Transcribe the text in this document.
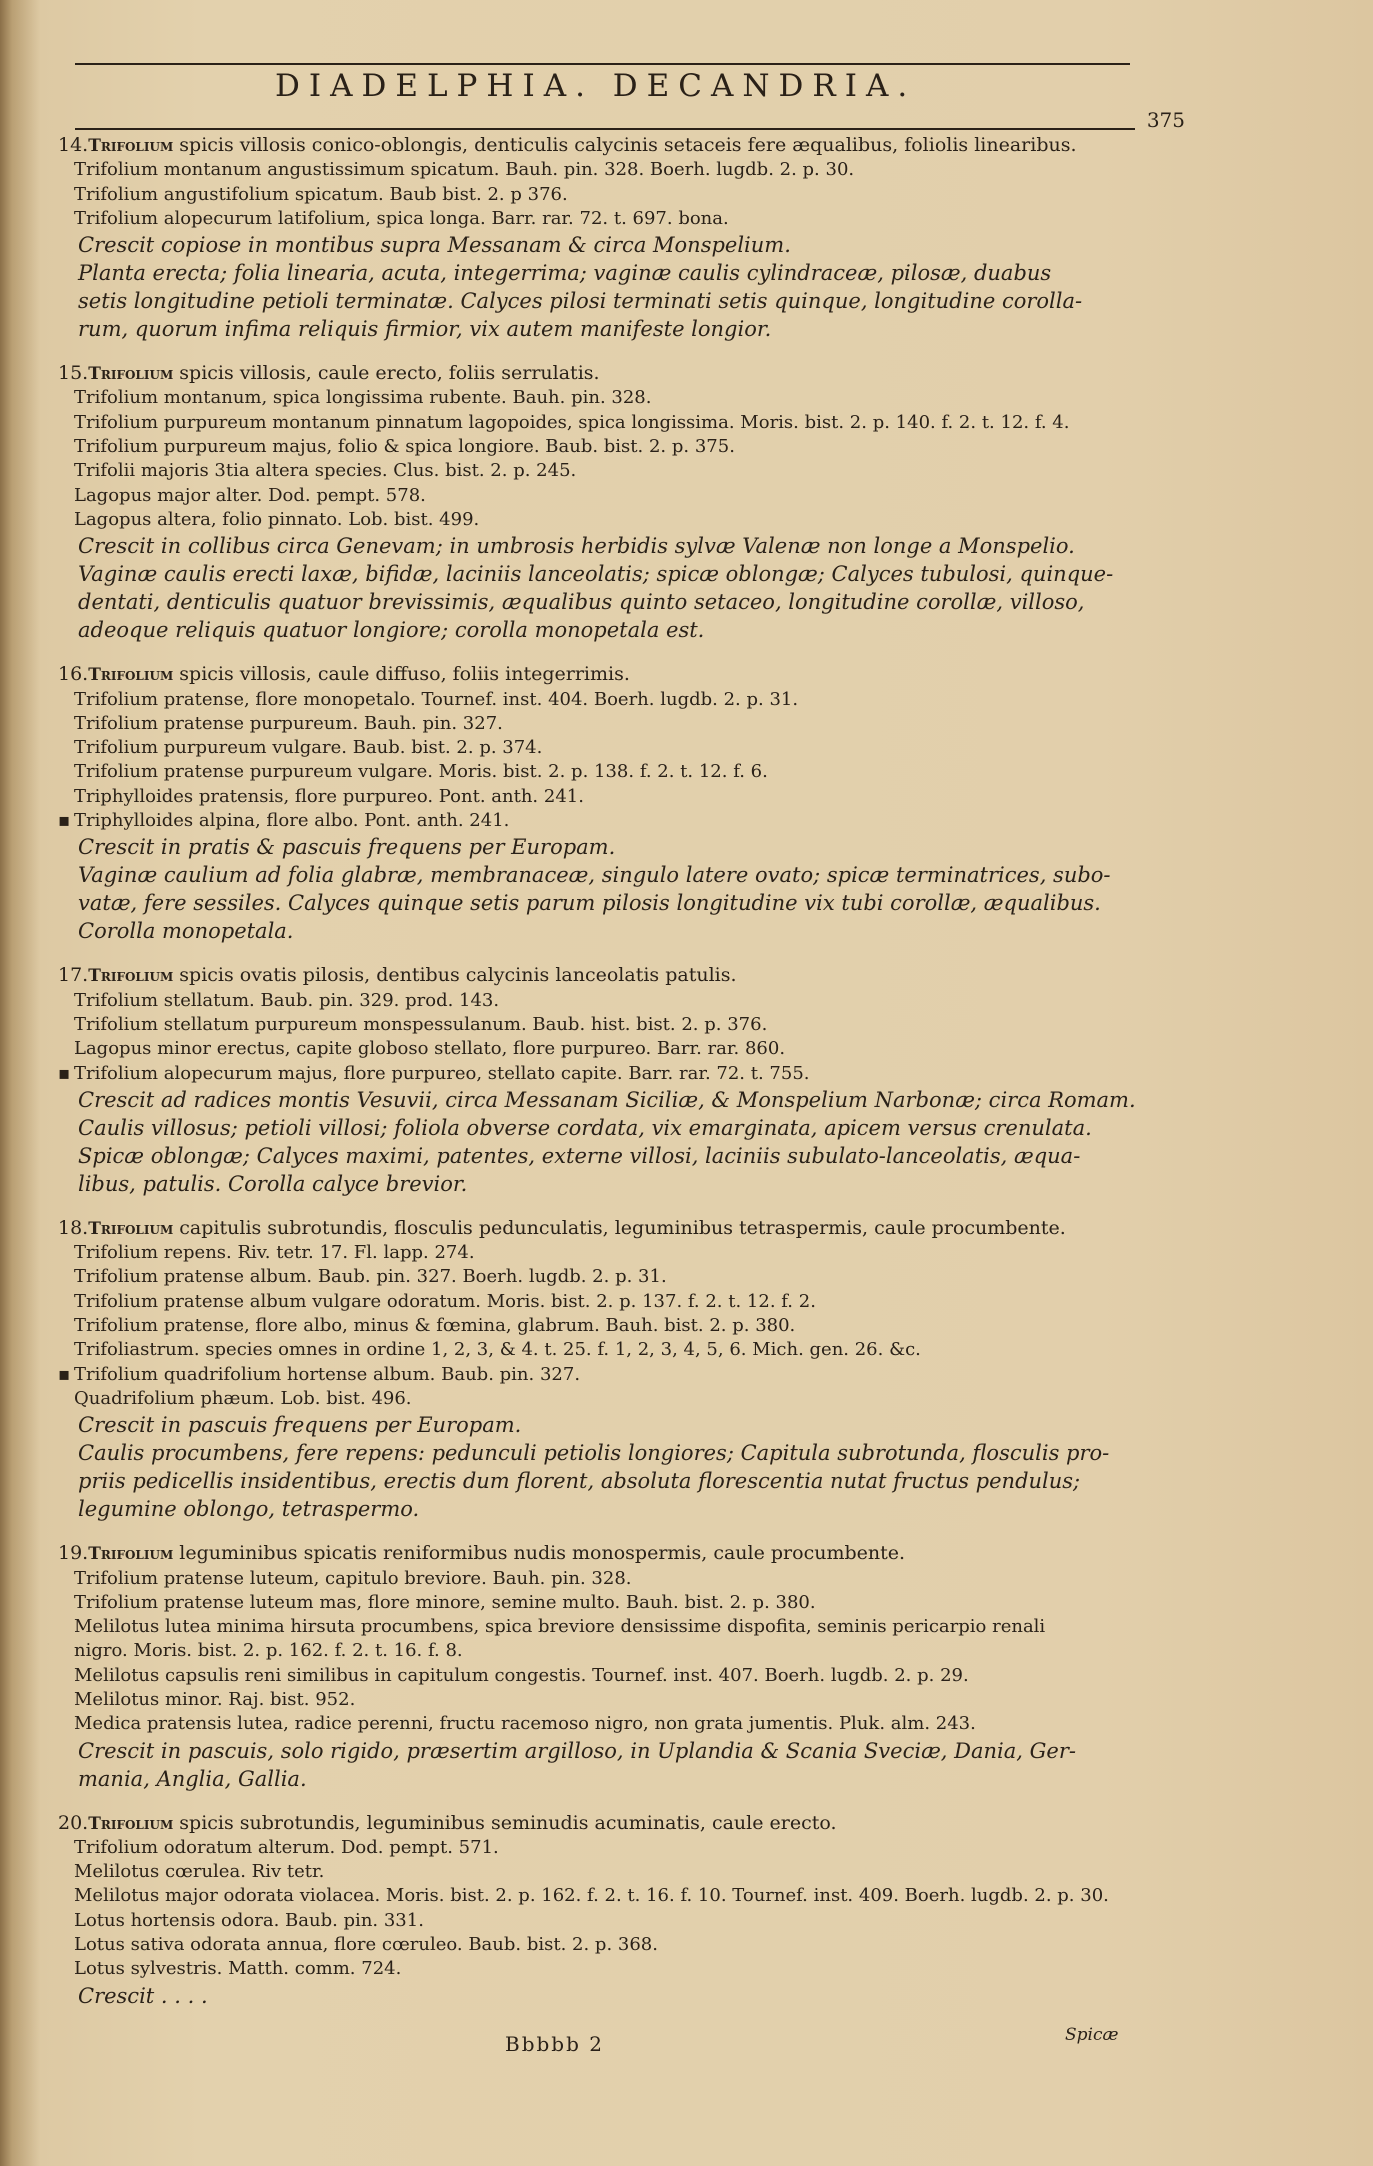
DIADELPHIA. DECANDRIA.
375
14.Trifolium spicis villosis conico-oblongis, denticulis calycinis setaceis fere æqualibus, foliolis linearibus.
Trifolium montanum angustissimum spicatum. Bauh. pin. 328. Boerh. lugdb. 2. p. 30.
Trifolium angustifolium spicatum. Baub bist. 2. p 376.
Trifolium alopecurum latifolium, spica longa. Barr. rar. 72. t. 697. bona.
Crescit copiose in montibus supra Messanam & circa Monspelium.
Planta erecta; folia linearia, acuta, integerrima; vaginæ caulis cylindraceæ, pilosæ, duabus
setis longitudine petioli terminatæ. Calyces pilosi terminati setis quinque, longitudine corolla-
rum, quorum infima reliquis firmior, vix autem manifeste longior.
15.Trifolium spicis villosis, caule erecto, foliis serrulatis.
Trifolium montanum, spica longissima rubente. Bauh. pin. 328.
Trifolium purpureum montanum pinnatum lagopoides, spica longissima. Moris. bist. 2. p. 140. f. 2. t. 12. f. 4.
Trifolium purpureum majus, folio & spica longiore. Baub. bist. 2. p. 375.
Trifolii majoris 3tia altera species. Clus. bist. 2. p. 245.
Lagopus major alter. Dod. pempt. 578.
Lagopus altera, folio pinnato. Lob. bist. 499.
Crescit in collibus circa Genevam; in umbrosis herbidis sylvæ Valenæ non longe a Monspelio.
Vaginæ caulis erecti laxæ, bifidæ, laciniis lanceolatis; spicæ oblongæ; Calyces tubulosi, quinque-
dentati, denticulis quatuor brevissimis, æqualibus quinto setaceo, longitudine corollæ, villoso,
adeoque reliquis quatuor longiore; corolla monopetala est.
16.Trifolium spicis villosis, caule diffuso, foliis integerrimis.
Trifolium pratense, flore monopetalo. Tournef. inst. 404. Boerh. lugdb. 2. p. 31.
Trifolium pratense purpureum. Bauh. pin. 327.
Trifolium purpureum vulgare. Baub. bist. 2. p. 374.
Trifolium pratense purpureum vulgare. Moris. bist. 2. p. 138. f. 2. t. 12. f. 6.
Triphylloides pratensis, flore purpureo. Pont. anth. 241.
▪ Triphylloides alpina, flore albo. Pont. anth. 241.
Crescit in pratis & pascuis frequens per Europam.
Vaginæ caulium ad folia glabræ, membranaceæ, singulo latere ovato; spicæ terminatrices, subo-
vatæ, fere sessiles. Calyces quinque setis parum pilosis longitudine vix tubi corollæ, æqualibus.
Corolla monopetala.
17.Trifolium spicis ovatis pilosis, dentibus calycinis lanceolatis patulis.
Trifolium stellatum. Baub. pin. 329. prod. 143.
Trifolium stellatum purpureum monspessulanum. Baub. hist. bist. 2. p. 376.
Lagopus minor erectus, capite globoso stellato, flore purpureo. Barr. rar. 860.
▪ Trifolium alopecurum majus, flore purpureo, stellato capite. Barr. rar. 72. t. 755.
Crescit ad radices montis Vesuvii, circa Messanam Siciliæ, & Monspelium Narbonæ; circa Romam.
Caulis villosus; petioli villosi; foliola obverse cordata, vix emarginata, apicem versus crenulata.
Spicæ oblongæ; Calyces maximi, patentes, externe villosi, laciniis subulato-lanceolatis, æqua-
libus, patulis. Corolla calyce brevior.
18.Trifolium capitulis subrotundis, flosculis pedunculatis, leguminibus tetraspermis, caule procumbente.
Trifolium repens. Riv. tetr. 17. Fl. lapp. 274.
Trifolium pratense album. Baub. pin. 327. Boerh. lugdb. 2. p. 31.
Trifolium pratense album vulgare odoratum. Moris. bist. 2. p. 137. f. 2. t. 12. f. 2.
Trifolium pratense, flore albo, minus & fœmina, glabrum. Bauh. bist. 2. p. 380.
Trifoliastrum. species omnes in ordine 1, 2, 3, & 4. t. 25. f. 1, 2, 3, 4, 5, 6. Mich. gen. 26. &c.
▪ Trifolium quadrifolium hortense album. Baub. pin. 327.
Quadrifolium phæum. Lob. bist. 496.
Crescit in pascuis frequens per Europam.
Caulis procumbens, fere repens: pedunculi petiolis longiores; Capitula subrotunda, flosculis pro-
priis pedicellis insidentibus, erectis dum florent, absoluta florescentia nutat fructus pendulus;
legumine oblongo, tetraspermo.
19.Trifolium leguminibus spicatis reniformibus nudis monospermis, caule procumbente.
Trifolium pratense luteum, capitulo breviore. Bauh. pin. 328.
Trifolium pratense luteum mas, flore minore, semine multo. Bauh. bist. 2. p. 380.
Melilotus lutea minima hirsuta procumbens, spica breviore densissime dispofita, seminis pericarpio renali
nigro. Moris. bist. 2. p. 162. f. 2. t. 16. f. 8.
Melilotus capsulis reni similibus in capitulum congestis. Tournef. inst. 407. Boerh. lugdb. 2. p. 29.
Melilotus minor. Raj. bist. 952.
Medica pratensis lutea, radice perenni, fructu racemoso nigro, non grata jumentis. Pluk. alm. 243.
Crescit in pascuis, solo rigido, præsertim argilloso, in Uplandia & Scania Sveciæ, Dania, Ger-
mania, Anglia, Gallia.
20.Trifolium spicis subrotundis, leguminibus seminudis acuminatis, caule erecto.
Trifolium odoratum alterum. Dod. pempt. 571.
Melilotus cœrulea. Riv tetr.
Melilotus major odorata violacea. Moris. bist. 2. p. 162. f. 2. t. 16. f. 10. Tournef. inst. 409. Boerh. lugdb. 2. p. 30.
Lotus hortensis odora. Baub. pin. 331.
Lotus sativa odorata annua, flore cœruleo. Baub. bist. 2. p. 368.
Lotus sylvestris. Matth. comm. 724.
Crescit . . . .
Bbbbb 2	Spicæ
